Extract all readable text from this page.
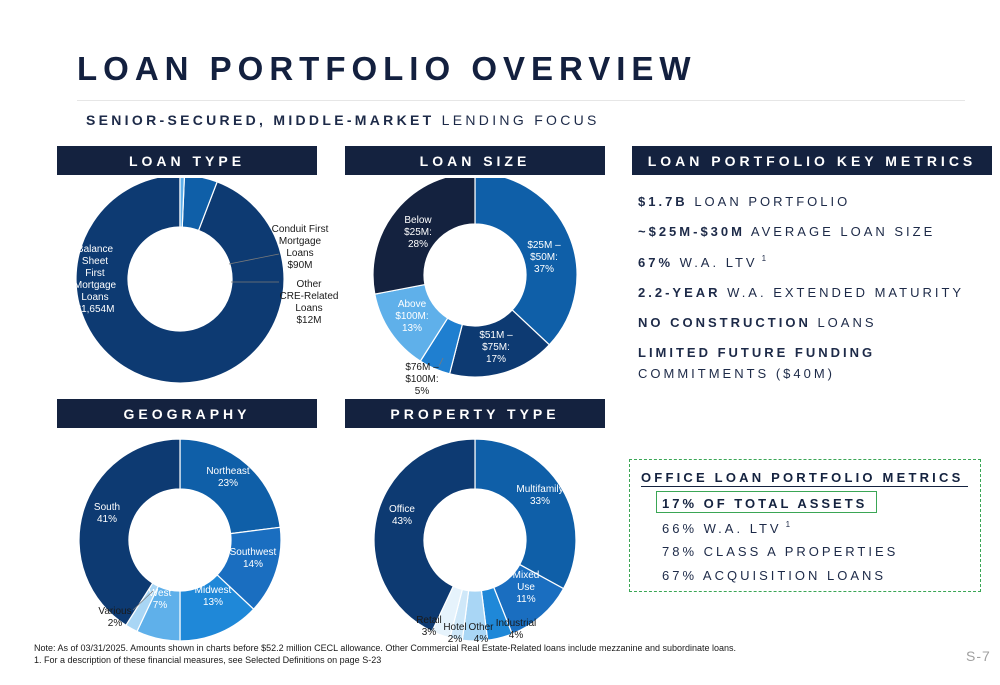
LOAN PORTFOLIO OVERVIEW
SENIOR-SECURED, MIDDLE-MARKET LENDING FOCUS
LOAN TYPE	LOAN SIZE	LOAN PORTFOLIO KEY METRICS
GEOGRAPHY	PROPERTY TYPE
Balance Sheet First Mortgage Loans $1,654M
Conduit First Mortgage Loans $90M
Other CRE-Related Loans $12M
$25M – $50M: 37%
$51M – $75M: 17%
$76M – $100M: 5%
Above $100M: 13%
Below $25M: 28%
Northeast 23%
Southwest 14%
Midwest 13%
West 7%
Various 2%
South 41%
Multifamily 33%
Mixed Use 11%
Industrial 4%
Other 4%
Hotel 2%
Retail 3%
Office 43%
$1.7B LOAN PORTFOLIO
~$25M-$30M AVERAGE LOAN SIZE
67% W.A. LTV $^1$
2.2-YEAR W.A. EXTENDED MATURITY
NO CONSTRUCTION LOANS
LIMITED FUTURE FUNDING
COMMITMENTS ($40M)
OFFICE LOAN PORTFOLIO METRICS
17% OF TOTAL ASSETS
66% W.A. LTV $^1$
78% CLASS A PROPERTIES
67% ACQUISITION LOANS
Note: As of 03/31/2025. Amounts shown in charts before $52.2 million CECL allowance. Other Commercial Real Estate-Related loans include mezzanine and subordinate loans.
1. For a description of these financial measures, see Selected Definitions on page S-23	S-7
